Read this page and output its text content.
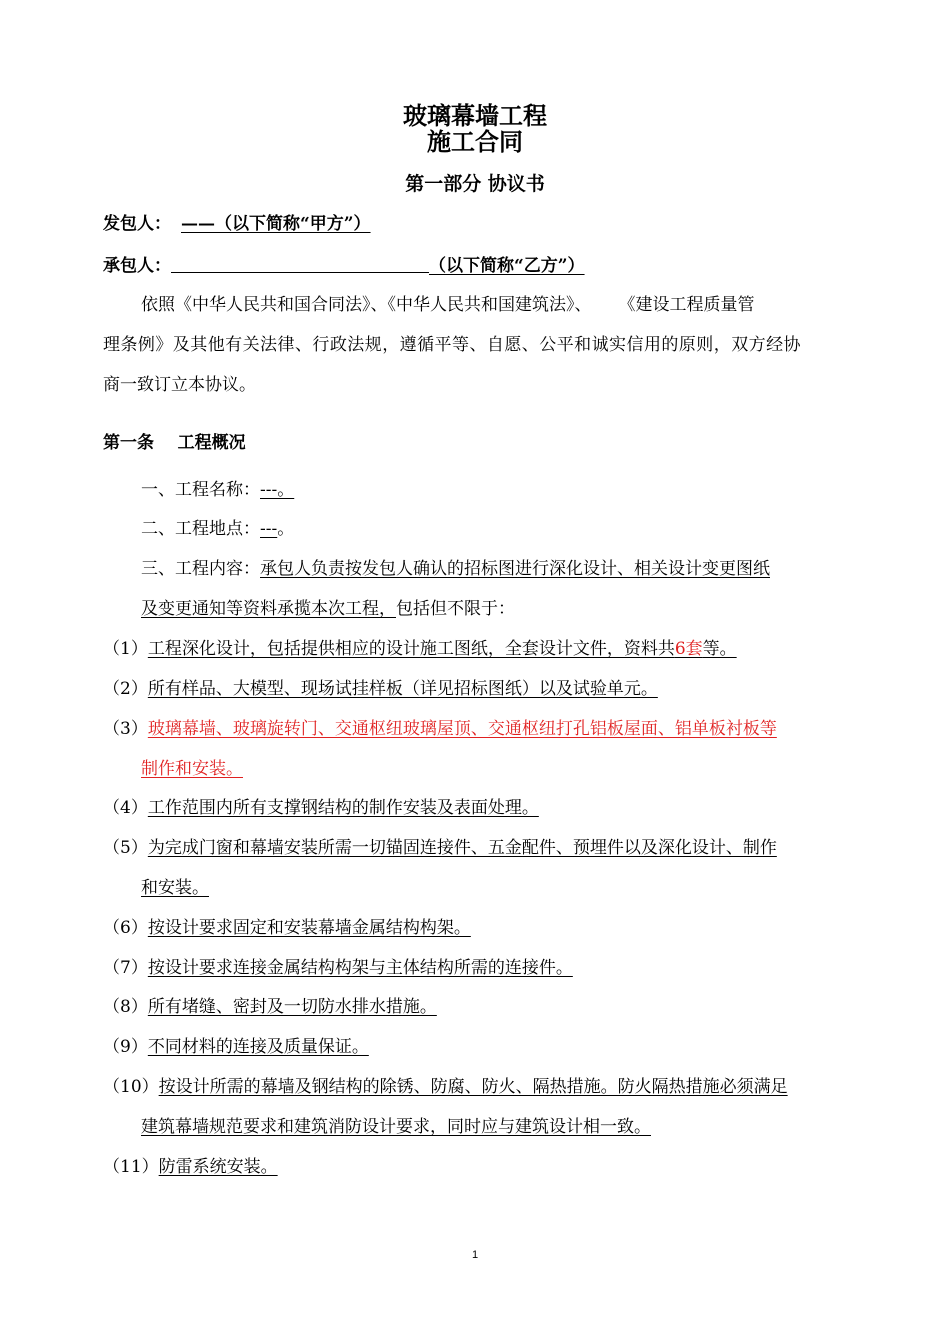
玻璃幕墙工程
施工合同
第一部分 协议书
发包人： ——（以下简称“甲方”）
承包人：	（以下简称“乙方”）
依照《中华人民共和国合同法》、《中华人民共和国建筑法》、     《建设工程质量管
理条例》及其他有关法律、行政法规，遵循平等、自愿、公平和诚实信用的原则，双方经协
商一致订立本协议。
第一条    工程概况
一、工程名称：---。
二、工程地点：---。
三、工程内容：承包人负责按发包人确认的招标图进行深化设计、相关设计变更图纸
及变更通知等资料承揽本次工程，包括但不限于：
（1）工程深化设计，包括提供相应的设计施工图纸，全套设计文件，资料共6套等。
（2）所有样品、大模型、现场试挂样板（详见招标图纸）以及试验单元。
（3）玻璃幕墙、玻璃旋转门、交通枢纽玻璃屋顶、交通枢纽打孔铝板屋面、铝单板衬板等
制作和安装。
（4）工作范围内所有支撑钢结构的制作安装及表面处理。
（5）为完成门窗和幕墙安装所需一切锚固连接件、五金配件、预埋件以及深化设计、制作
和安装。
（6）按设计要求固定和安装幕墙金属结构构架。
（7）按设计要求连接金属结构构架与主体结构所需的连接件。
（8）所有堵缝、密封及一切防水排水措施。
（9）不同材料的连接及质量保证。
（10）按设计所需的幕墙及钢结构的除锈、防腐、防火、隔热措施。防火隔热措施必须满足
建筑幕墙规范要求和建筑消防设计要求，同时应与建筑设计相一致。
（11）防雷系统安装。
1
